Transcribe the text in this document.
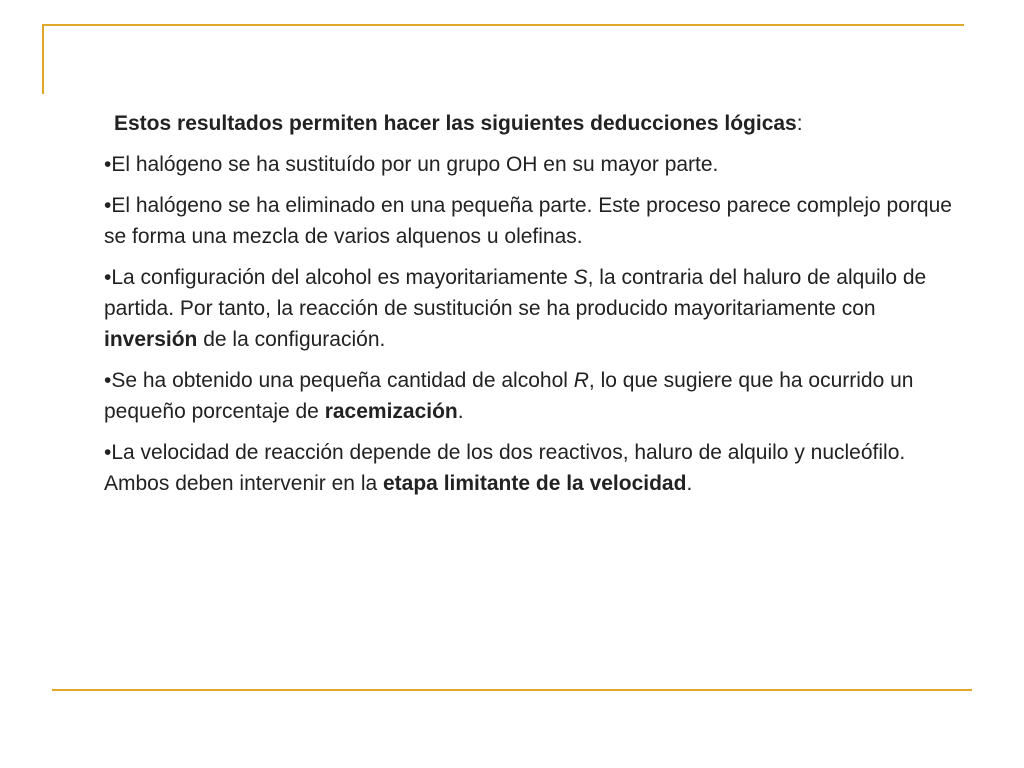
Estos resultados permiten hacer las siguientes deducciones lógicas:

•El halógeno se ha sustituído por un grupo OH en su mayor parte.

•El halógeno se ha eliminado en una pequeña parte. Este proceso parece complejo porque se forma una mezcla de varios alquenos u olefinas.

•La configuración del alcohol es mayoritariamente S, la contraria del haluro de alquilo de partida. Por tanto, la reacción de sustitución se ha producido mayoritariamente con inversión de la configuración.

•Se ha obtenido una pequeña cantidad de alcohol R, lo que sugiere que ha ocurrido un pequeño porcentaje de racemización.

•La velocidad de reacción depende de los dos reactivos, haluro de alquilo y nucleófilo. Ambos deben intervenir en la etapa limitante de la velocidad.
